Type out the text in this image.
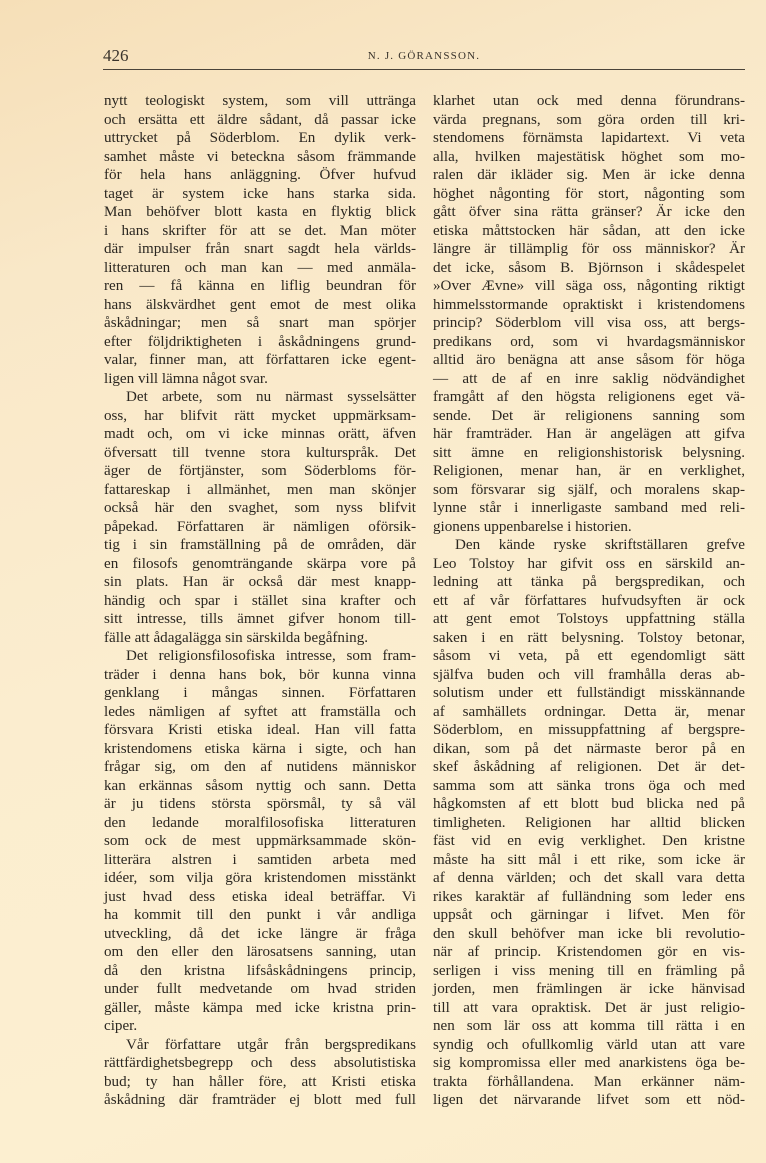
426	N. J. GÖRANSSON.
nytt teologiskt system, som vill uttränga
och ersätta ett äldre sådant, då passar icke
uttrycket på Söderblom. En dylik verk-
samhet måste vi beteckna såsom främmande
för hela hans anläggning. Öfver hufvud
taget är system icke hans starka sida.
Man behöfver blott kasta en flyktig blick
i hans skrifter för att se det. Man möter
där impulser från snart sagdt hela världs-
litteraturen och man kan — med anmäla-
ren — få känna en liflig beundran för
hans älskvärdhet gent emot de mest olika
åskådningar; men så snart man spörjer
efter följdriktigheten i åskådningens grund-
valar, finner man, att författaren icke egent-
ligen vill lämna något svar.
Det arbete, som nu närmast sysselsätter
oss, har blifvit rätt mycket uppmärksam-
madt och, om vi icke minnas orätt, äfven
öfversatt till tvenne stora kulturspråk. Det
äger de förtjänster, som Söderbloms för-
fattareskap i allmänhet, men man skönjer
också här den svaghet, som nyss blifvit
påpekad. Författaren är nämligen oförsik-
tig i sin framställning på de områden, där
en filosofs genomträngande skärpa vore på
sin plats. Han är också där mest knapp-
händig och spar i stället sina krafter och
sitt intresse, tills ämnet gifver honom till-
fälle att ådagalägga sin särskilda begåfning.
Det religionsfilosofiska intresse, som fram-
träder i denna hans bok, bör kunna vinna
genklang i mångas sinnen. Författaren
ledes nämligen af syftet att framställa och
försvara Kristi etiska ideal. Han vill fatta
kristendomens etiska kärna i sigte, och han
frågar sig, om den af nutidens människor
kan erkännas såsom nyttig och sann. Detta
är ju tidens största spörsmål, ty så väl
den ledande moralfilosofiska litteraturen
som ock de mest uppmärksammade skön-
litterära alstren i samtiden arbeta med
idéer, som vilja göra kristendomen misstänkt
just hvad dess etiska ideal beträffar. Vi
ha kommit till den punkt i vår andliga
utveckling, då det icke längre är fråga
om den eller den lärosatsens sanning, utan
då den kristna lifsåskådningens princip,
under fullt medvetande om hvad striden
gäller, måste kämpa med icke kristna prin-
ciper.
Vår författare utgår från bergspredikans
rättfärdighetsbegrepp och dess absolutistiska
bud; ty han håller före, att Kristi etiska
åskådning där framträder ej blott med full
klarhet utan ock med denna förundrans-
värda pregnans, som göra orden till kri-
stendomens förnämsta lapidartext. Vi veta
alla, hvilken majestätisk höghet som mo-
ralen där ikläder sig. Men är icke denna
höghet någonting för stort, någonting som
gått öfver sina rätta gränser? Är icke den
etiska måttstocken här sådan, att den icke
längre är tillämplig för oss människor? Är
det icke, såsom B. Björnson i skådespelet
»Over Ævne» vill säga oss, någonting riktigt
himmelsstormande opraktiskt i kristendomens
princip? Söderblom vill visa oss, att bergs-
predikans ord, som vi hvardagsmänniskor
alltid äro benägna att anse såsom för höga
— att de af en inre saklig nödvändighet
framgått af den högsta religionens eget vä-
sende. Det är religionens sanning som
här framträder. Han är angelägen att gifva
sitt ämne en religionshistorisk belysning.
Religionen, menar han, är en verklighet,
som försvarar sig själf, och moralens skap-
lynne står i innerligaste samband med reli-
gionens uppenbarelse i historien.
Den kände ryske skriftställaren grefve
Leo Tolstoy har gifvit oss en särskild an-
ledning att tänka på bergspredikan, och
ett af vår författares hufvudsyften är ock
att gent emot Tolstoys uppfattning ställa
saken i en rätt belysning. Tolstoy betonar,
såsom vi veta, på ett egendomligt sätt
själfva buden och vill framhålla deras ab-
solutism under ett fullständigt misskännande
af samhällets ordningar. Detta är, menar
Söderblom, en missuppfattning af bergspre-
dikan, som på det närmaste beror på en
skef åskådning af religionen. Det är det-
samma som att sänka trons öga och med
hågkomsten af ett blott bud blicka ned på
timligheten. Religionen har alltid blicken
fäst vid en evig verklighet. Den kristne
måste ha sitt mål i ett rike, som icke är
af denna världen; och det skall vara detta
rikes karaktär af fulländning som leder ens
uppsåt och gärningar i lifvet. Men för
den skull behöfver man icke bli revolutio-
när af princip. Kristendomen gör en vis-
serligen i viss mening till en främling på
jorden, men främlingen är icke hänvisad
till att vara opraktisk. Det är just religio-
nen som lär oss att komma till rätta i en
syndig och ofullkomlig värld utan att vare
sig kompromissa eller med anarkistens öga be-
trakta förhållandena. Man erkänner näm-
ligen det närvarande lifvet som ett nöd-
